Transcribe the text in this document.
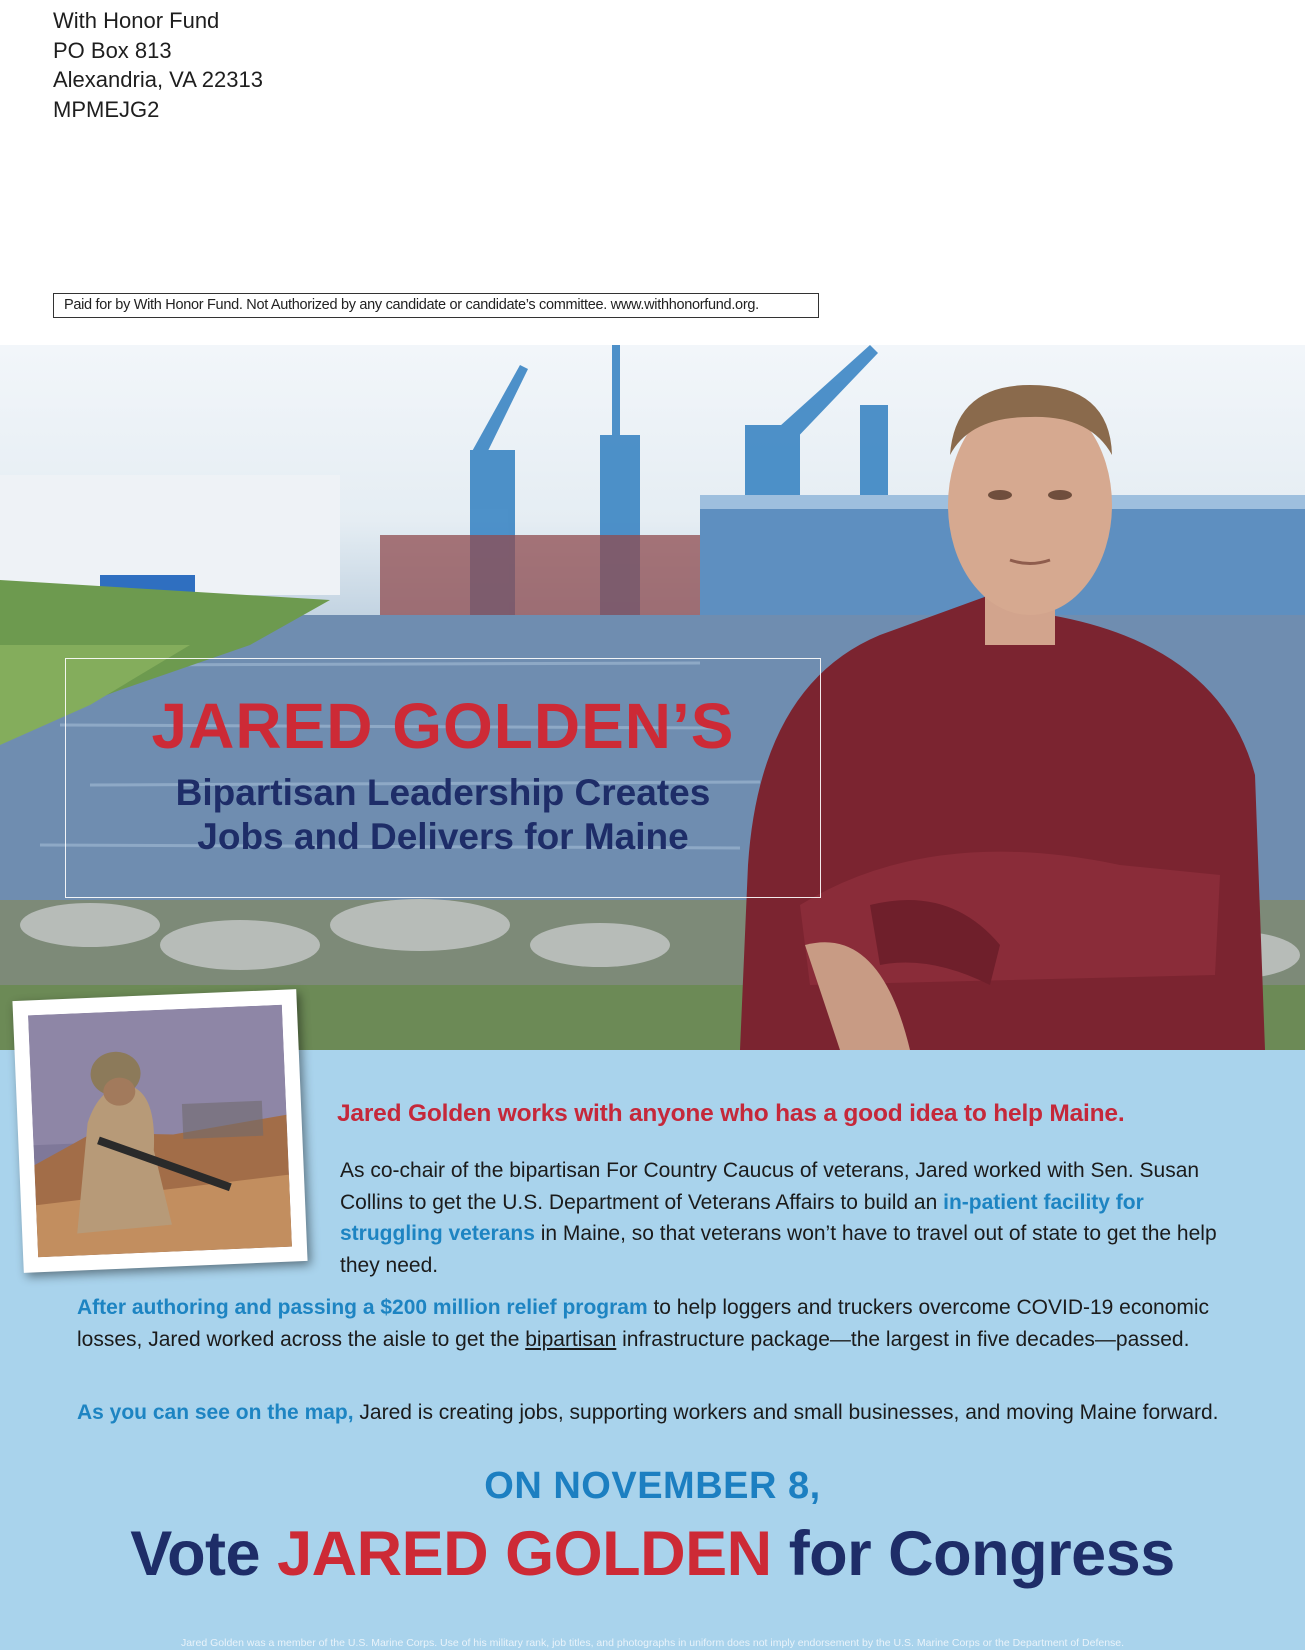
With Honor Fund
PO Box 813
Alexandria, VA 22313
MPMEJG2
Paid for by With Honor Fund. Not Authorized by any candidate or candidate’s committee. www.withhonorfund.org.
JARED GOLDEN’S
Bipartisan Leadership Creates
Jobs and Delivers for Maine
Jared Golden works with anyone who has a good idea to help Maine.
As co-chair of the bipartisan For Country Caucus of veterans, Jared worked with Sen. Susan Collins to get the U.S. Department of Veterans Affairs to build an in-patient facility for struggling veterans in Maine, so that veterans won’t have to travel out of state to get the help they need.
After authoring and passing a $200 million relief program to help loggers and truckers overcome COVID-19 economic losses, Jared worked across the aisle to get the bipartisan infrastructure package—the largest in five decades—passed.
As you can see on the map, Jared is creating jobs, supporting workers and small businesses, and moving Maine forward.
ON NOVEMBER 8,
Vote JARED GOLDEN for Congress
Jared Golden was a member of the U.S. Marine Corps. Use of his military rank, job titles, and photographs in uniform does not imply endorsement by the U.S. Marine Corps or the Department of Defense.
